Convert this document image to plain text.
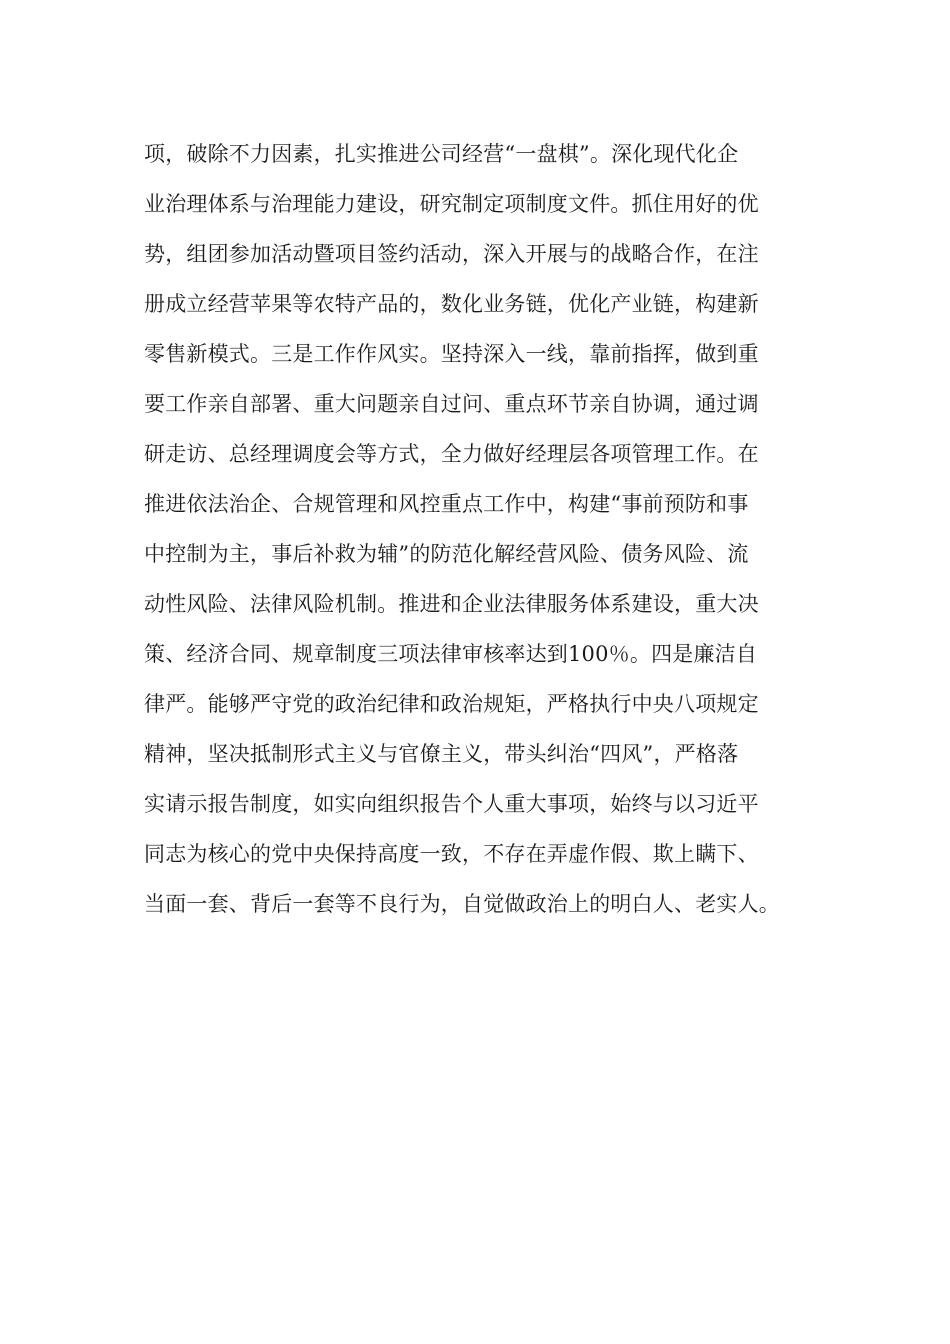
项，破除不力因素，扎实推进公司经营“一盘棋”。深化现代化企
业治理体系与治理能力建设，研究制定项制度文件。抓住用好的优
势，组团参加活动暨项目签约活动，深入开展与的战略合作，在注
册成立经营苹果等农特产品的，数化业务链，优化产业链，构建新
零售新模式。三是工作作风实。坚持深入一线，靠前指挥，做到重
要工作亲自部署、重大问题亲自过问、重点环节亲自协调，通过调
研走访、总经理调度会等方式，全力做好经理层各项管理工作。在
推进依法治企、合规管理和风控重点工作中，构建“事前预防和事
中控制为主，事后补救为辅”的防范化解经营风险、债务风险、流
动性风险、法律风险机制。推进和企业法律服务体系建设，重大决
策、经济合同、规章制度三项法律审核率达到100％。四是廉洁自
律严。能够严守党的政治纪律和政治规矩，严格执行中央八项规定
精神，坚决抵制形式主义与官僚主义，带头纠治“四风”，严格落
实请示报告制度，如实向组织报告个人重大事项，始终与以习近平
同志为核心的党中央保持高度一致，不存在弄虚作假、欺上瞒下、
当面一套、背后一套等不良行为，自觉做政治上的明白人、老实人。
